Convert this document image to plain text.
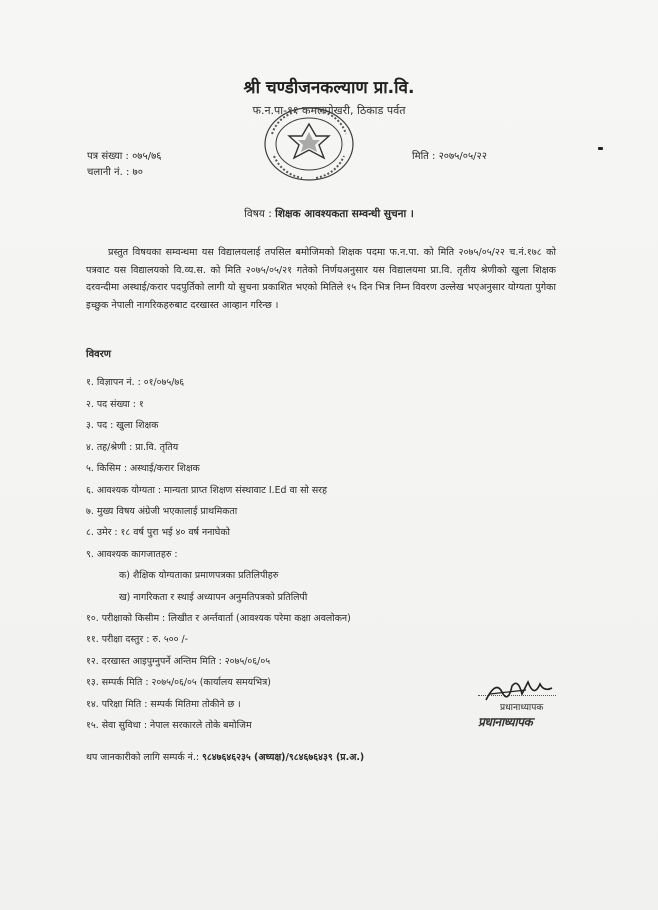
श्री चण्डीजनकल्याण प्रा.वि.
फ.न.पा-११ कमलपोखरी, ठिकाड पर्वत
पत्र संख्या : ०७५/७६
चलानी नं. : ७०
मिति : २०७५/०५/२२
विषय : शिक्षक आवश्यकता सम्वन्धी सुचना ।
प्रस्तुत विषयका सम्वन्धमा यस विद्यालयलाई तपसिल बमोजिमको शिक्षक पदमा फ.न.पा. को मिति २०७५/०५/२२ च.नं.१७८ को पत्रवाट यस विद्यालयको वि.व्य.स. को मिति २०७५/०५/२१ गतेको निर्णयअनुसार यस विद्यालयमा प्रा.वि. तृतीय श्रेणीको खुला शिक्षक दरवन्दीमा अस्थाई/करार पदपुर्तिको लागी यो सुचना प्रकाशित भएको मितिले १५ दिन भित्र निम्न विवरण उल्लेख भएअनुसार योग्यता पुगेका इच्छुक नेपाली नागरिकहरुबाट दरखास्त आव्हान गरिन्छ ।
विवरण
१. विज्ञापन नं. : ०१/०७५/७६
२. पद संख्या : १
३. पद : खुला शिक्षक
४. तह/श्रेणी : प्रा.वि. तृतिय
५. किसिम : अस्थाई/करार शिक्षक
६. आवश्यक योग्यता : मान्यता प्राप्त शिक्षण संस्थावाट I.Ed वा सो सरह
७. मुख्य विषय अंग्रेजी भएकालाई प्राथमिकता
८. उमेर : १८ वर्ष पुरा भई ४० वर्ष ननाघेको
९. आवश्यक कागजातहरु :
क) शैक्षिक योग्यताका प्रमाणपत्रका प्रतिलिपीहरु
ख) नागरिकता र स्थाई अध्यापन अनुमतिपत्रको प्रतिलिपी
१०. परीक्षाको किसीम : लिखीत र अर्न्तवार्ता (आवश्यक परेमा कक्षा अवलोकन)
११. परीक्षा दस्तुर : रु. ५०० /-
१२. दरखास्त आइपुग्नुपर्ने अन्तिम मिति : २०७५/०६/०५
१३. सम्पर्क मिति : २०७५/०६/०५ (कार्यालय समयभित्र)
१४. परिक्षा मिति : सम्पर्क मितिमा तोकीने छ ।
१५. सेवा सुविधा : नेपाल सरकारले तोके बमोजिम
प्रधानाध्यापक
प्रधानाध्यापक
थप जानकारीको लागि सम्पर्क नं.: ९८४७६४६२३५ (अध्यक्ष)/९८४६७६४३९ (प्र.अ.)
